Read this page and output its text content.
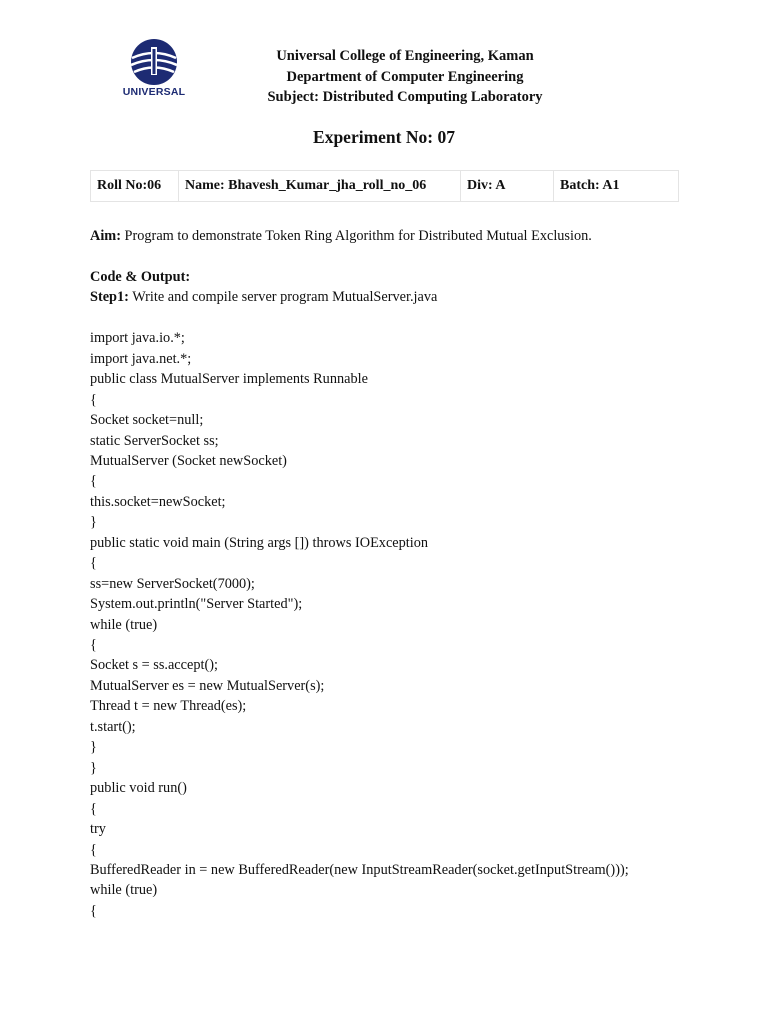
UNIVERSAL
Universal College of Engineering, Kaman
Department of Computer Engineering
Subject: Distributed Computing Laboratory
Experiment No: 07
Roll No:06	Name: Bhavesh_Kumar_jha_roll_no_06	Div: A	Batch: A1
Aim: Program to demonstrate Token Ring Algorithm for Distributed Mutual Exclusion.
Code & Output:
Step1: Write and compile server program MutualServer.java
import java.io.*;
import java.net.*;
public class MutualServer implements Runnable
{
Socket socket=null;
static ServerSocket ss;
MutualServer (Socket newSocket)
{
this.socket=newSocket;
}
public static void main (String args []) throws IOException
{
ss=new ServerSocket(7000);
System.out.println("Server Started");
while (true)
{
Socket s = ss.accept();
MutualServer es = new MutualServer(s);
Thread t = new Thread(es);
t.start();
}
}
public void run()
{
try
{
BufferedReader in = new BufferedReader(new InputStreamReader(socket.getInputStream()));
while (true)
{
